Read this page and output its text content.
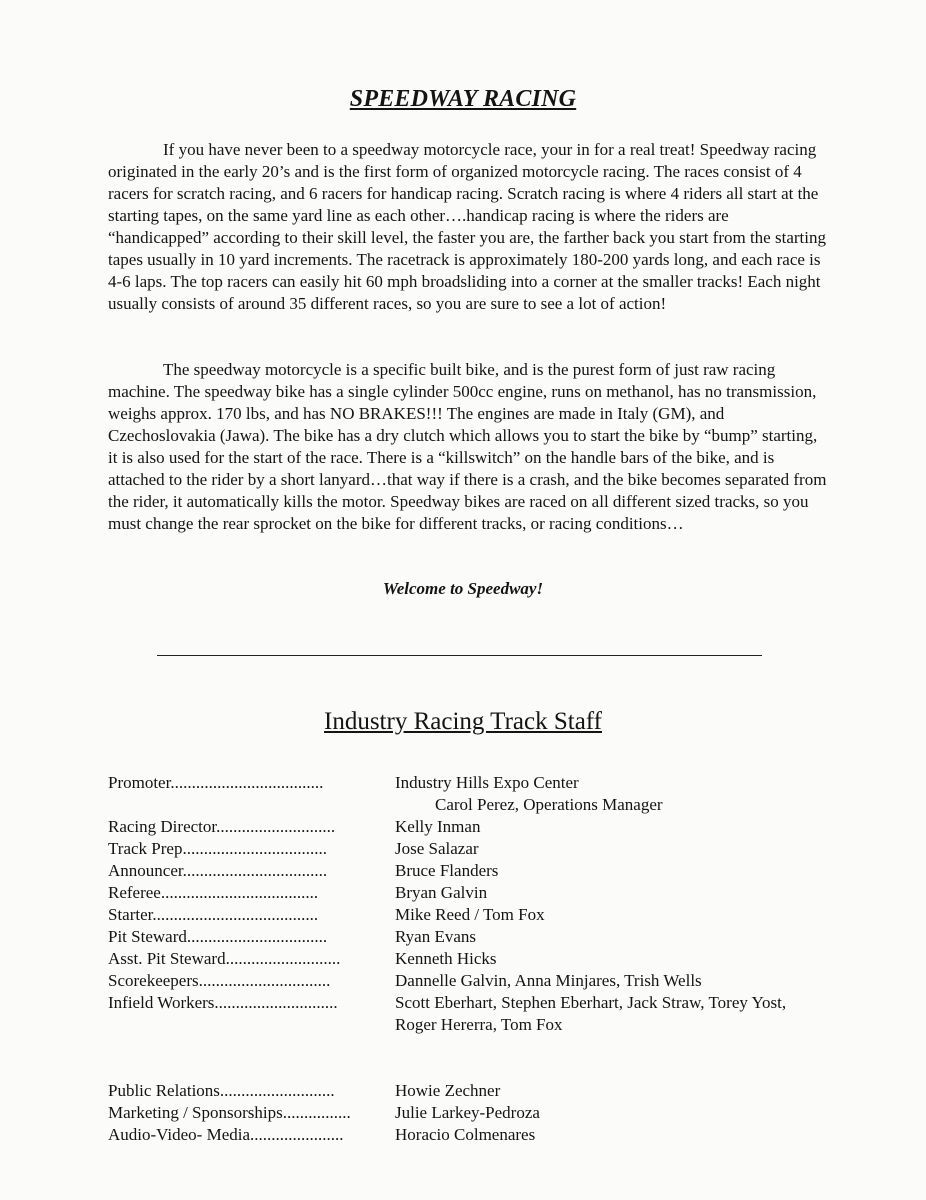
SPEEDWAY RACING

If you have never been to a speedway motorcycle race, your in for a real treat! Speedway racing originated in the early 20’s and is the first form of organized motorcycle racing. The races consist of 4 racers for scratch racing, and 6 racers for handicap racing. Scratch racing is where 4 riders all start at the starting tapes, on the same yard line as each other….handicap racing is where the riders are “handicapped” according to their skill level, the faster you are, the farther back you start from the starting tapes usually in 10 yard increments. The racetrack is approximately 180-200 yards long, and each race is 4-6 laps. The top racers can easily hit 60 mph broadsliding into a corner at the smaller tracks! Each night usually consists of around 35 different races, so you are sure to see a lot of action!

The speedway motorcycle is a specific built bike, and is the purest form of just raw racing machine. The speedway bike has a single cylinder 500cc engine, runs on methanol, has no transmission, weighs approx. 170 lbs, and has NO BRAKES!!! The engines are made in Italy (GM), and Czechoslovakia (Jawa). The bike has a dry clutch which allows you to start the bike by “bump” starting, it is also used for the start of the race. There is a “killswitch” on the handle bars of the bike, and is attached to the rider by a short lanyard…that way if there is a crash, and the bike becomes separated from the rider, it automatically kills the motor. Speedway bikes are raced on all different sized tracks, so you must change the rear sprocket on the bike for different tracks, or racing conditions…

Welcome to Speedway!
Industry Racing Track Staff
Promoter....................................	Industry Hills Expo Center
Carol Perez, Operations Manager
Racing Director............................	Kelly Inman
Track Prep..................................	Jose Salazar
Announcer..................................	Bruce Flanders
Referee.....................................	Bryan Galvin
Starter.......................................	Mike Reed / Tom Fox
Pit Steward.................................	Ryan Evans
Asst. Pit Steward...........................	Kenneth Hicks
Scorekeepers...............................	Dannelle Galvin, Anna Minjares, Trish Wells
Infield Workers.............................	Scott Eberhart, Stephen Eberhart, Jack Straw, Torey Yost,
Roger Hererra, Tom Fox
Public Relations...........................	Howie Zechner
Marketing / Sponsorships................	Julie Larkey-Pedroza
Audio-Video- Media......................	Horacio Colmenares
